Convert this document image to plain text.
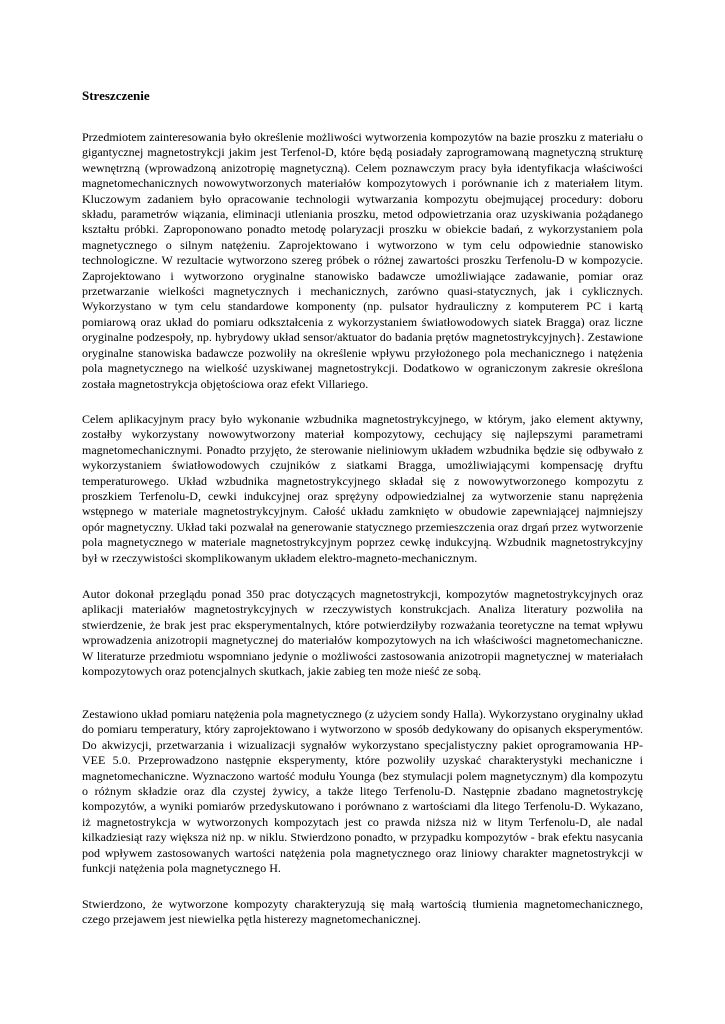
Streszczenie

Przedmiotem zainteresowania było określenie możliwości wytworzenia kompozytów na bazie proszku z materiału o gigantycznej magnetostrykcji jakim jest Terfenol-D, które będą posiadały zaprogramowaną magnetyczną strukturę wewnętrzną (wprowadzoną anizotropię magnetyczną). Celem poznawczym pracy była identyfikacja właściwości magnetomechanicznych nowowytworzonych materiałów kompozytowych i porównanie ich z materiałem litym. Kluczowym zadaniem było opracowanie technologii wytwarzania kompozytu obejmującej procedury: doboru składu, parametrów wiązania, eliminacji utleniania proszku, metod odpowietrzania oraz uzyskiwania pożądanego kształtu próbki. Zaproponowano ponadto metodę polaryzacji proszku w obiekcie badań, z wykorzystaniem pola magnetycznego o silnym natężeniu. Zaprojektowano i wytworzono w tym celu odpowiednie stanowisko technologiczne. W rezultacie wytworzono szereg próbek o różnej zawartości proszku Terfenolu-D w kompozycie. Zaprojektowano i wytworzono oryginalne stanowisko badawcze umożliwiające zadawanie, pomiar oraz przetwarzanie wielkości magnetycznych i mechanicznych, zarówno quasi-statycznych, jak i cyklicznych. Wykorzystano w tym celu standardowe komponenty (np. pulsator hydrauliczny z komputerem PC i kartą pomiarową oraz układ do pomiaru odkształcenia z wykorzystaniem światłowodowych siatek Bragga) oraz liczne oryginalne podzespoły, np. hybrydowy układ sensor/aktuator do badania prętów magnetostrykcyjnych}. Zestawione oryginalne stanowiska badawcze pozwoliły na określenie wpływu przyłożonego pola mechanicznego i natężenia pola magnetycznego na wielkość uzyskiwanej magnetostrykcji. Dodatkowo w ograniczonym zakresie określona została magnetostrykcja objętościowa oraz efekt Villariego.

Celem aplikacyjnym pracy było wykonanie wzbudnika magnetostrykcyjnego, w którym, jako element aktywny, zostałby wykorzystany nowowytworzony materiał kompozytowy, cechujący się najlepszymi parametrami magnetomechanicznymi. Ponadto przyjęto, że sterowanie nieliniowym układem wzbudnika będzie się odbywało z wykorzystaniem światłowodowych czujników z siatkami Bragga, umożliwiającymi kompensację dryftu temperaturowego. Układ wzbudnika magnetostrykcyjnego składał się z nowowytworzonego kompozytu z proszkiem Terfenolu-D, cewki indukcyjnej oraz sprężyny odpowiedzialnej za wytworzenie stanu naprężenia wstępnego w materiale magnetostrykcyjnym. Całość układu zamknięto w obudowie zapewniającej najmniejszy opór magnetyczny. Układ taki pozwalał na generowanie statycznego przemieszczenia oraz drgań przez wytworzenie pola magnetycznego w materiale magnetostrykcyjnym poprzez cewkę indukcyjną. Wzbudnik magnetostrykcyjny był w rzeczywistości skomplikowanym układem elektro-magneto-mechanicznym.

Autor dokonał przeglądu ponad 350 prac dotyczących magnetostrykcji, kompozytów magnetostrykcyjnych oraz aplikacji materiałów magnetostrykcyjnych w rzeczywistych konstrukcjach. Analiza literatury pozwoliła na stwierdzenie, że brak jest prac eksperymentalnych, które potwierdziłyby rozważania teoretyczne na temat wpływu wprowadzenia anizotropii magnetycznej do materiałów kompozytowych na ich właściwości magnetomechaniczne. W literaturze przedmiotu wspomniano jedynie o możliwości zastosowania anizotropii magnetycznej w materiałach kompozytowych oraz potencjalnych skutkach, jakie zabieg ten może nieść ze sobą.

Zestawiono układ pomiaru natężenia pola magnetycznego (z użyciem sondy Halla). Wykorzystano oryginalny układ do pomiaru temperatury, który zaprojektowano i wytworzono w sposób dedykowany do opisanych eksperymentów. Do akwizycji, przetwarzania i wizualizacji sygnałów wykorzystano specjalistyczny pakiet oprogramowania HP-VEE 5.0. Przeprowadzono następnie eksperymenty, które pozwoliły uzyskać charakterystyki mechaniczne i magnetomechaniczne. Wyznaczono wartość modułu Younga (bez stymulacji polem magnetycznym) dla kompozytu o różnym składzie oraz dla czystej żywicy, a także litego Terfenolu-D. Następnie zbadano magnetostrykcję kompozytów, a wyniki pomiarów przedyskutowano i porównano z wartościami dla litego Terfenolu-D. Wykazano, iż magnetostrykcja w wytworzonych kompozytach jest co prawda niższa niż w litym Terfenolu-D, ale nadal kilkadziesiąt razy większa niż np. w niklu. Stwierdzono ponadto, w przypadku kompozytów - brak efektu nasycania pod wpływem zastosowanych wartości natężenia pola magnetycznego oraz liniowy charakter magnetostrykcji w funkcji natężenia pola magnetycznego H.

Stwierdzono, że wytworzone kompozyty charakteryzują się małą wartością tłumienia magnetomechanicznego, czego przejawem jest niewielka pętla histerezy magnetomechanicznej.
